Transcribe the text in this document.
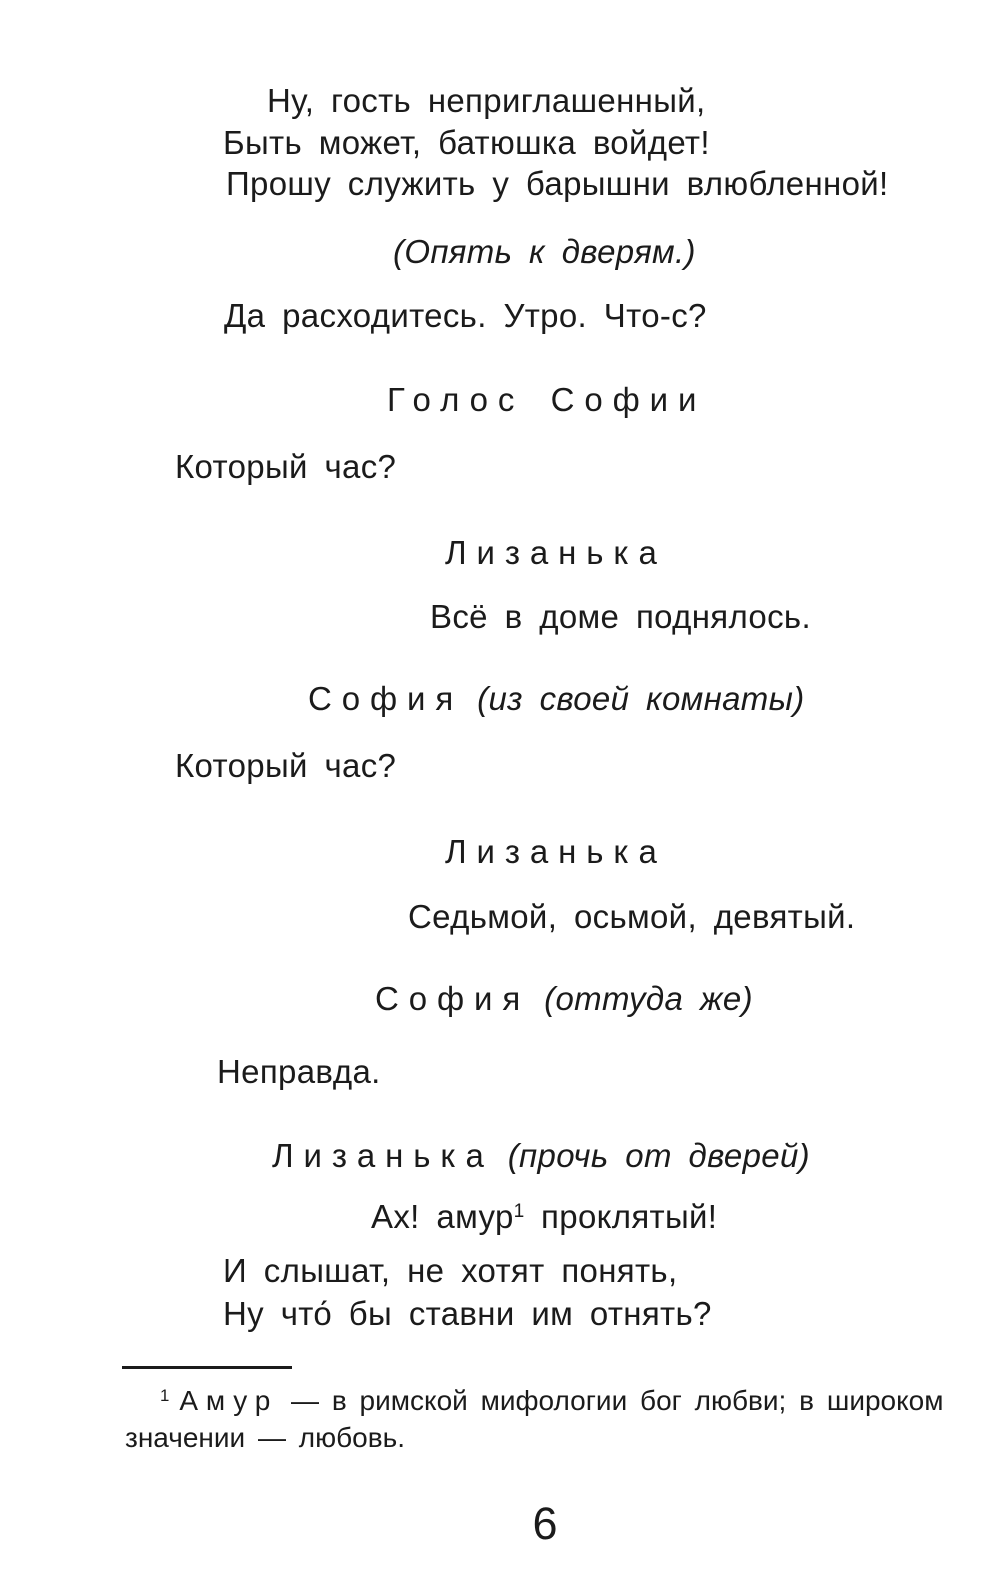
Ну, гость неприглашенный,
Быть может, батюшка войдет!
Прошу служить у барышни влюбленной!
(Опять к дверям.)
Да расходитесь. Утро. Что-с?
Голос Софии
Который час?
Лизанька
Всё в доме поднялось.
София (из своей комнаты)
Который час?
Лизанька
Седьмой, осьмой, девятый.
София (оттуда же)
Неправда.
Лизанька (прочь от дверей)
Ах! амур$^1$ проклятый!
И слышат, не хотят понять,
Ну что́ бы ставни им отнять?
$^1$ Амур — в римской мифологии бог любви; в широком
значении — любовь.
6
